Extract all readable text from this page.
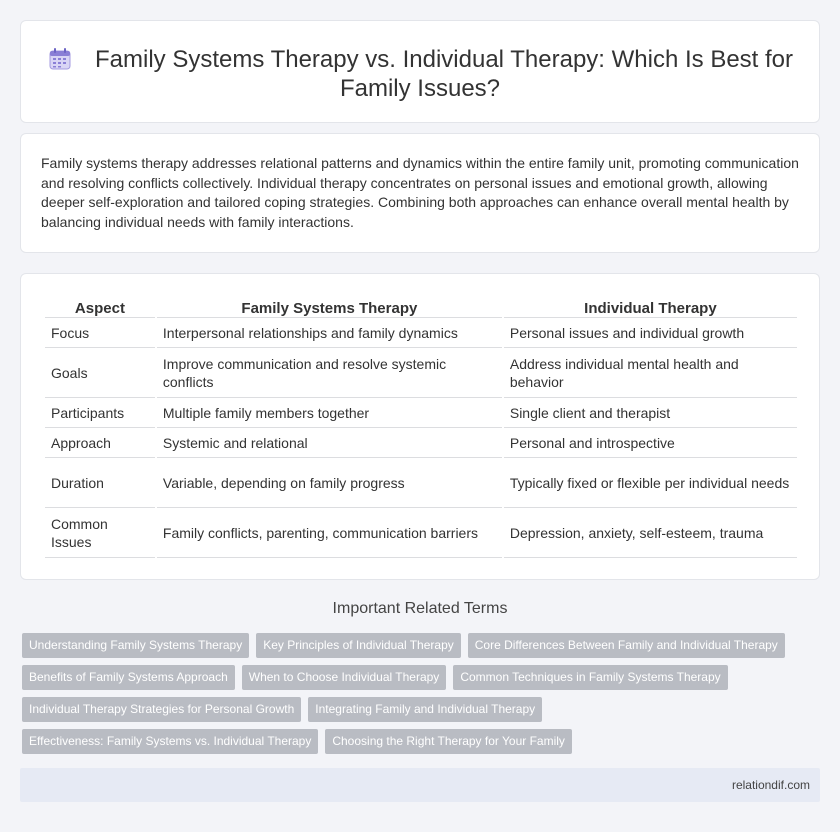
Family Systems Therapy vs. Individual Therapy: Which Is Best for Family Issues?

Family systems therapy addresses relational patterns and dynamics within the entire family unit, promoting communication and resolving conflicts collectively. Individual therapy concentrates on personal issues and emotional growth, allowing deeper self-exploration and tailored coping strategies. Combining both approaches can enhance overall mental health by balancing individual needs with family interactions.

Aspect	Family Systems Therapy	Individual Therapy
Focus	Interpersonal relationships and family dynamics	Personal issues and individual growth
Goals	Improve communication and resolve systemic conflicts	Address individual mental health and behavior
Participants	Multiple family members together	Single client and therapist
Approach	Systemic and relational	Personal and introspective
Duration	Variable, depending on family progress	Typically fixed or flexible per individual needs
Common Issues	Family conflicts, parenting, communication barriers	Depression, anxiety, self-esteem, trauma
Important Related Terms
Understanding Family Systems Therapy	Key Principles of Individual Therapy	Core Differences Between Family and Individual Therapy
Benefits of Family Systems Approach	When to Choose Individual Therapy	Common Techniques in Family Systems Therapy
Individual Therapy Strategies for Personal Growth	Integrating Family and Individual Therapy
Effectiveness: Family Systems vs. Individual Therapy	Choosing the Right Therapy for Your Family
relationdif.com
